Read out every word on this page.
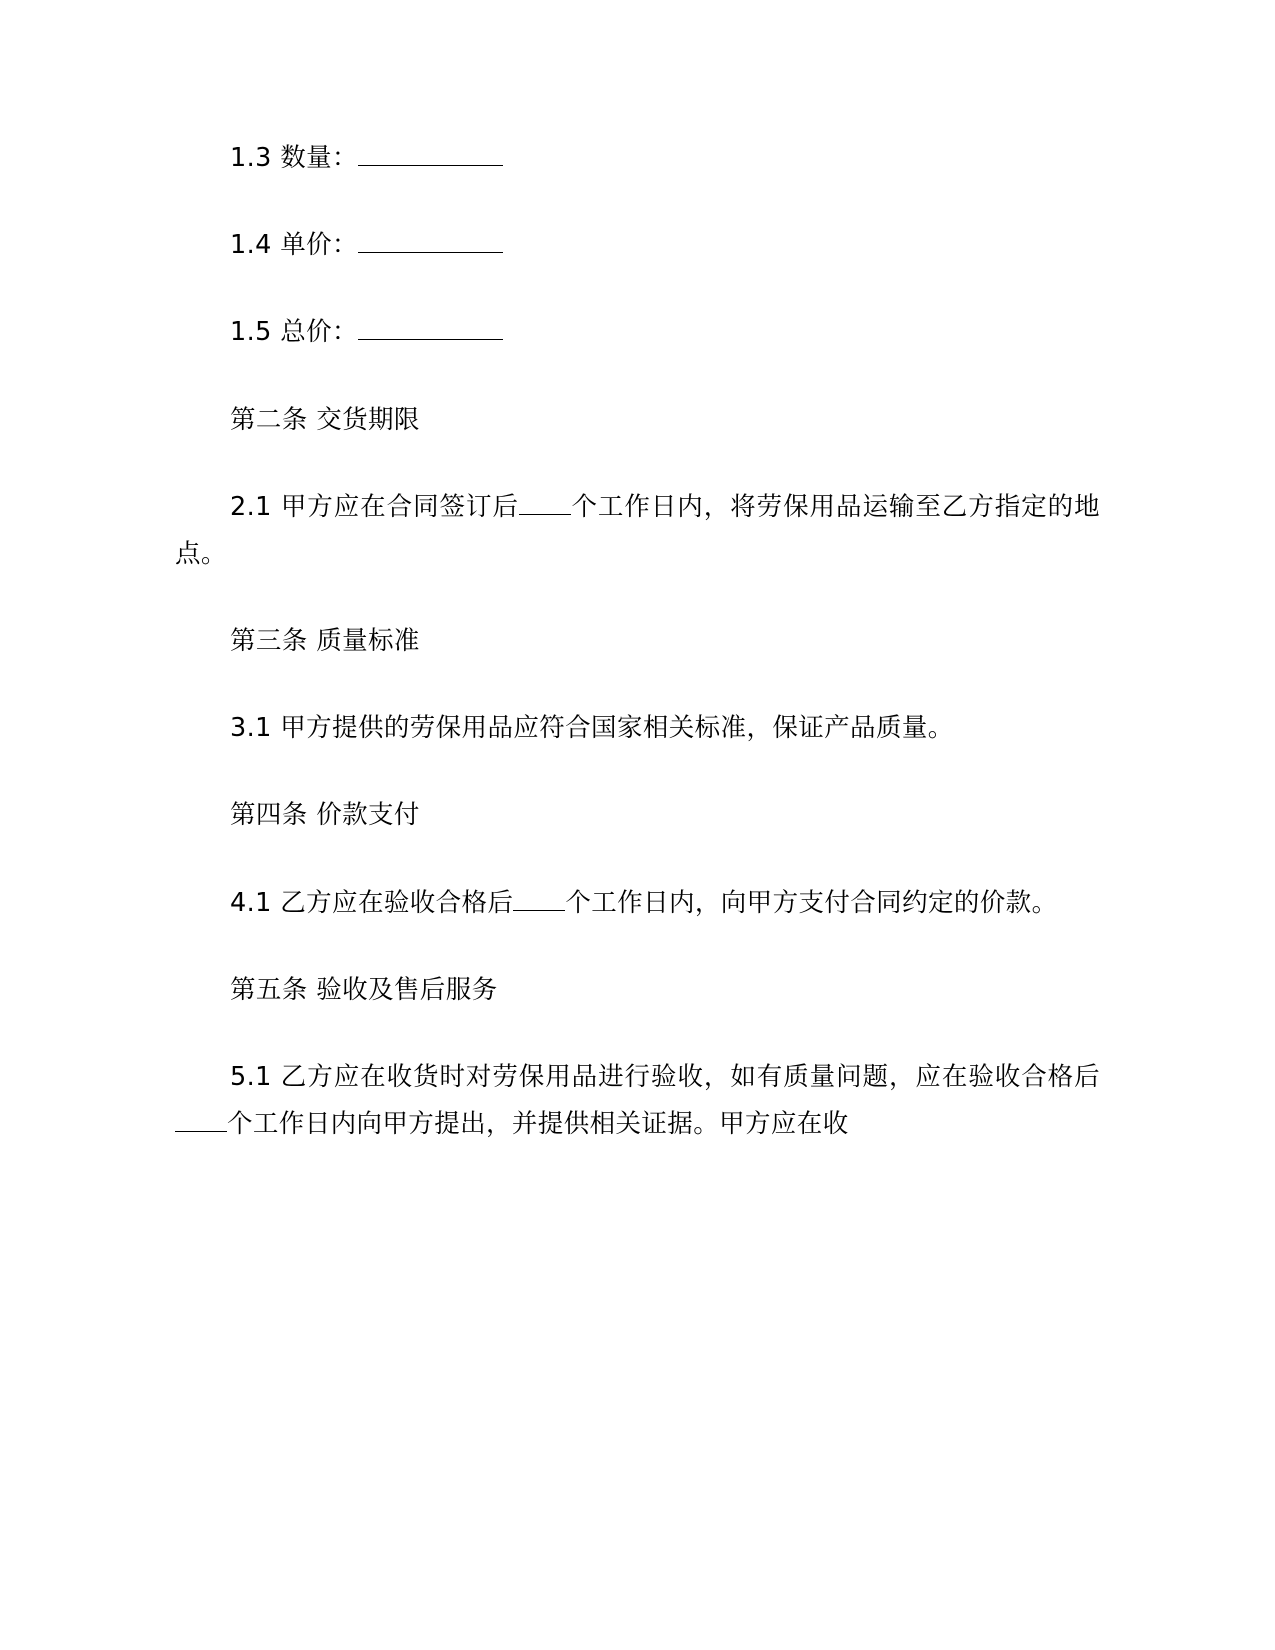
1.3 数量：

1.4 单价：

1.5 总价：

第二条 交货期限

2.1 甲方应在合同签订后 个工作日内，将劳保用品运输至乙方指定的地点。

第三条 质量标准

3.1 甲方提供的劳保用品应符合国家相关标准，保证产品质量。

第四条 价款支付

4.1 乙方应在验收合格后 个工作日内，向甲方支付合同约定的价款。

第五条 验收及售后服务

5.1 乙方应在收货时对劳保用品进行验收，如有质量问题，应在验收合格后个工作日内向甲方提出，并提供相关证据。甲方应在收
